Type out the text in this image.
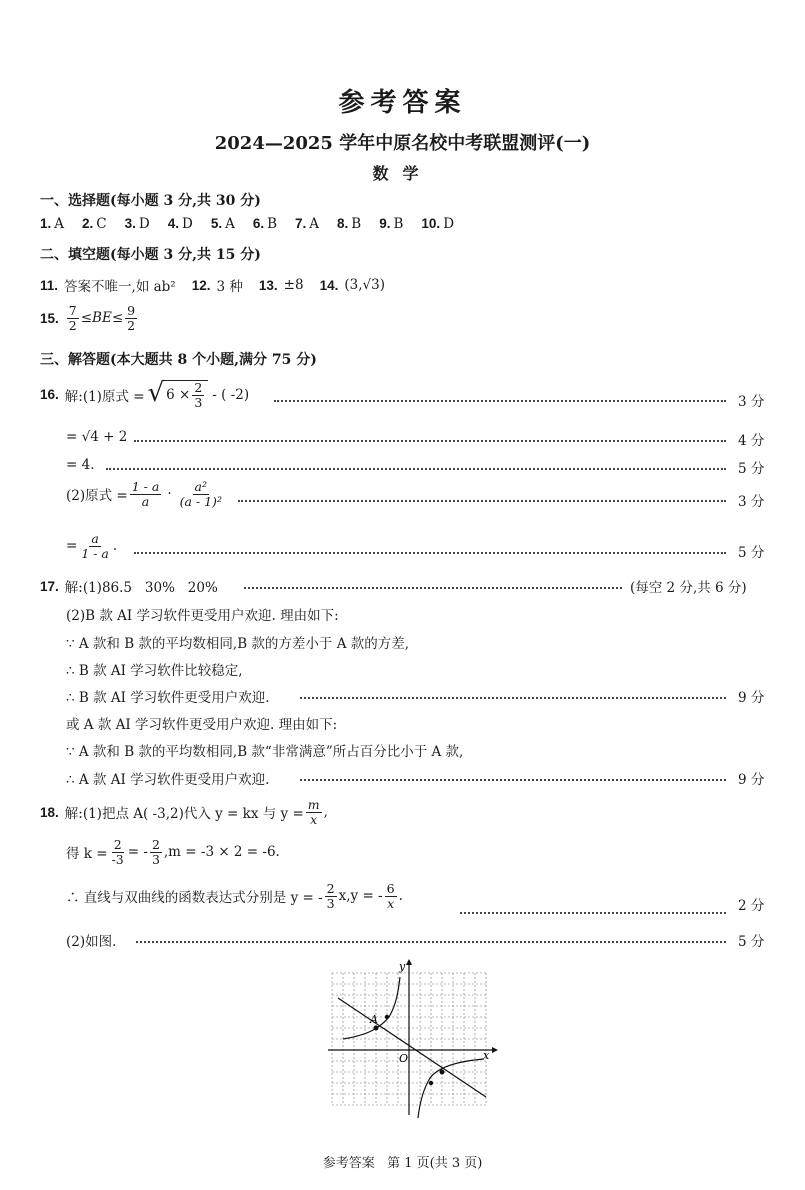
参考答案
2024—2025 学年中原名校中考联盟测评(一)
数学
一、选择题(每小题 3 分,共 30 分)
1. A 2. C 3. D 4. D 5. A 6. B 7. A 8. B 9. B 10. D
二、填空题(每小题 3 分,共 15 分)
11. 答案不唯一,如 ab² 12. 3 种 13. ±8 14. (3,√3)
15. $\frac{7}{2} \le BE\le \frac{9}{2}$
三、解答题(本大题共 8 个小题,满分 75 分)
16. 解:(1)原式 = √ $6 \times \frac{2}{3}$ - ( -2)	3 分
= √4 + 2	4 分
= 4.	5 分
(2)原式 = $\frac{1 - a}{a} \cdot \frac{\text{a²}}{\text{(a - 1)²}}$	3 分
= $\frac{a}{1 - a}$ .	5 分
17. 解:(1)86.5   30%   20%	(每空 2 分,共 6 分)
(2)B 款 AI 学习软件更受用户欢迎. 理由如下:
∵ A 款和 B 款的平均数相同,B 款的方差小于 A 款的方差,
∴ B 款 AI 学习软件比较稳定,
∴ B 款 AI 学习软件更受用户欢迎.	9 分
或 A 款 AI 学习软件更受用户欢迎. 理由如下:
∵ A 款和 B 款的平均数相同,B 款“非常满意”所占百分比小于 A 款,
∴ A 款 AI 学习软件更受用户欢迎.	9 分
18. 解:(1)把点 A( -3,2)代入 y = kx 与 $y = \frac{m}{x}$ ,
得 $k = \frac{2}{-3}$ = - $\frac{2}{3} ,m = -3 \times 2 = -6$.
∴ 直线与双曲线的函数表达式分别是 y = - $\frac{2}{3} x,y$ = - $\frac{6}{x}$ .
2 分
(2)如图.	5 分
A
O	x
y
参考答案   第 1 页(共 3 页)
